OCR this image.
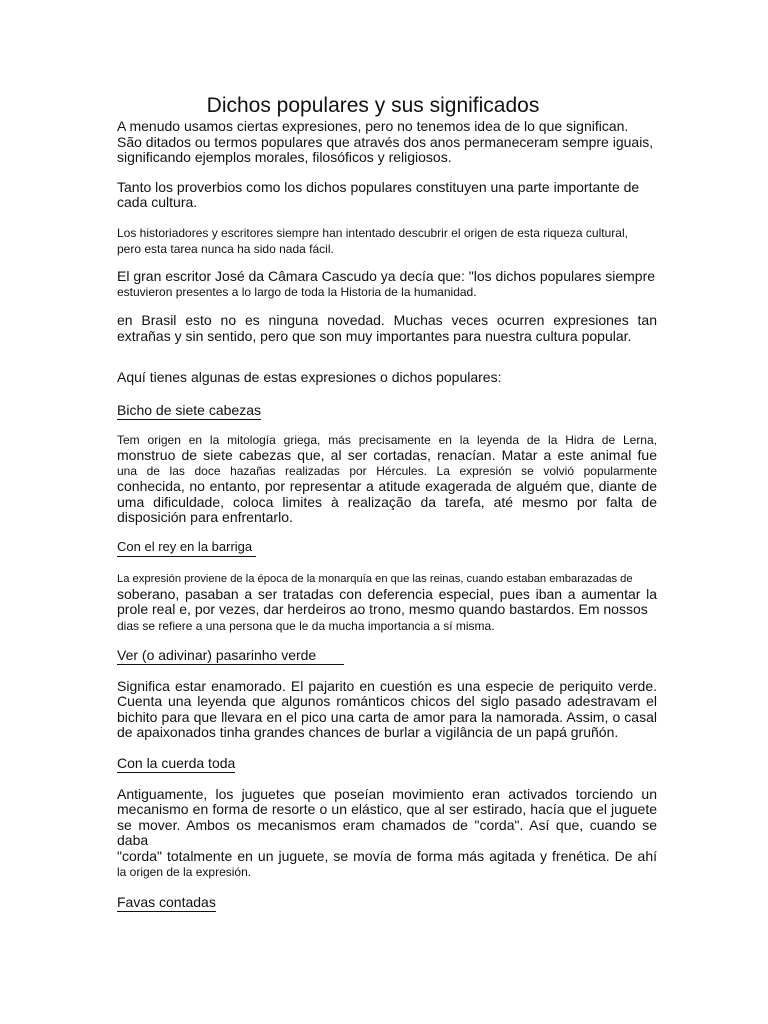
Dichos populares y sus significados
A menudo usamos ciertas expresiones, pero no tenemos idea de lo que significan.
São ditados ou termos populares que através dos anos permaneceram sempre iguais,
significando ejemplos morales, filosóficos y religiosos.
Tanto los proverbios como los dichos populares constituyen una parte importante de
cada cultura.
Los historiadores y escritores siempre han intentado descubrir el origen de esta riqueza cultural,
pero esta tarea nunca ha sido nada fácil.
El gran escritor José da Câmara Cascudo ya decía que: "los dichos populares siempre
estuvieron presentes a lo largo de toda la Historia de la humanidad.

en Brasil esto no es ninguna novedad. Muchas veces ocurren expresiones tan extrañas y sin sentido, pero que son muy importantes para nuestra cultura popular.

Aquí tienes algunas de estas expresiones o dichos populares:

Bicho de siete cabezas
Tem origen en la mitología griega, más precisamente en la leyenda de la Hidra de Lerna,
monstruo de siete cabezas que, al ser cortadas, renacían. Matar a este animal fue
una de las doce hazañas realizadas por Hércules. La expresión se volvió popularmente
conhecida, no entanto, por representar a atitude exagerada de alguém que, diante de uma dificuldade, coloca limites à realização da tarefa, até mesmo por falta de disposición para enfrentarlo.
Con el rey en la barriga
La expresión proviene de la época de la monarquía en que las reinas, cuando estaban embarazadas de
soberano, pasaban a ser tratadas con deferencia especial, pues iban a aumentar la prole real e, por vezes, dar herdeiros ao trono, mesmo quando bastardos. Em nossos
dias se refiere a una persona que le da mucha importancia a sí misma.
Ver (o adivinar) pasarinho verde

Significa estar enamorado. El pajarito en cuestión es una especie de periquito verde. Cuenta una leyenda que algunos románticos chicos del siglo pasado adestravam el bichito para que llevara en el pico una carta de amor para la namorada. Assim, o casal de apaixonados tinha grandes chances de burlar a vigilância de un papá gruñón.

Con la cuerda toda
Antiguamente, los juguetes que poseían movimiento eran activados torciendo un
mecanismo en forma de resorte o un elástico, que al ser estirado, hacía que el juguete
se mover. Ambos os mecanismos eram chamados de "corda". Así que, cuando se daba
"corda" totalmente en un juguete, se movía de forma más agitada y frenética. De ahí
la origen de la expresión.
Favas contadas
